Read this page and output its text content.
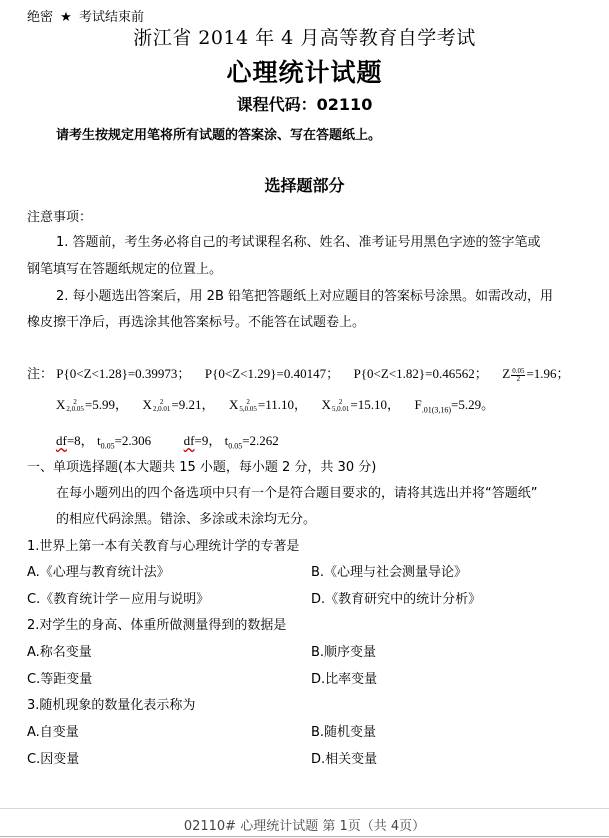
绝密 ★ 考试结束前
浙江省 2014 年 4 月高等教育自学考试
心理统计试题
课程代码：02110
请考生按规定用笔将所有试题的答案涂、写在答题纸上。
选择题部分
注意事项：
1. 答题前，考生务必将自己的考试课程名称、姓名、准考证号用黑色字迹的签字笔或
钢笔填写在答题纸规定的位置上。
2. 每小题选出答案后，用 2B 铅笔把答题纸上对应题目的答案标号涂黑。如需改动，用
橡皮擦干净后，再选涂其他答案标号。不能答在试题卷上。
注： P{0<Z<1.28}=0.39973； P{0<Z<1.29}=0.40147； P{0<Z<1.82}=0.46562； Z $\frac{0.05}{2} =1.96$；
X	2
2,0.05 =5.99， X	2
2,0.01 =9.21， X	2
5,0.05 =11.10， X	2
5,0.01 =15.10， $F_{.01(3,16)}=5.29$。
df=8， $t_{0.05}=2.306$	df=9， $t_{0.05}=2.262$
一、单项选择题(本大题共 15 小题，每小题 2 分，共 30 分)
在每小题列出的四个备选项中只有一个是符合题目要求的，请将其选出并将“答题纸”
的相应代码涂黑。错涂、多涂或未涂均无分。
1.世界上第一本有关教育与心理统计学的专著是
A.《心理与教育统计法》	B.《心理与社会测量导论》
C.《教育统计学－应用与说明》	D.《教育研究中的统计分析》
2.对学生的身高、体重所做测量得到的数据是
A.称名变量	B.顺序变量
C.等距变量	D.比率变量
3.随机现象的数量化表示称为
A.自变量	B.随机变量
C.因变量	D.相关变量
02110# 心理统计试题 第 1页（共 4页）
